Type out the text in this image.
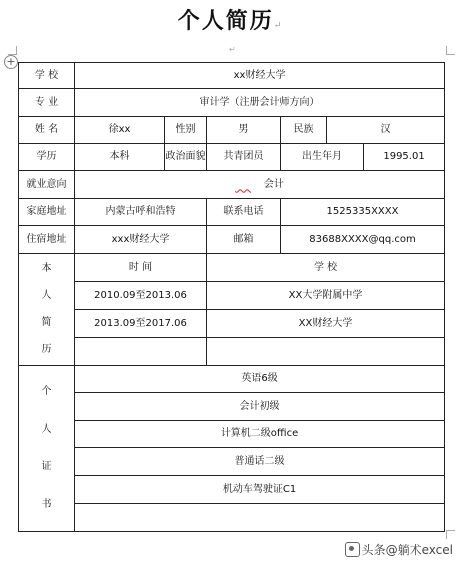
个人简历↵
↵
+
学 校	xx财经大学					
专 业	审计学（注册会计师方向）					
姓 名	徐xx	性别	男	民族	汉	
学历	本科	政治面貌	共青团员	出生年月		1995.01
就业意向	会计					
家庭地址	内蒙古呼和浩特		联系电话	1525335XXXX		
住宿地址	xxx财经大学		邮箱	83688XXXX@qq.com		

本
人
简
历	时 间		学 校			
	2010.09至2013.06		XX大学附属中学			
	2013.09至2017.06		XX财经大学			

个
人
证
书	英语6级					
	会计初级					
	计算机二级office					
	普通话二级					
	机动车驾驶证C1					

头条@躺术excel
